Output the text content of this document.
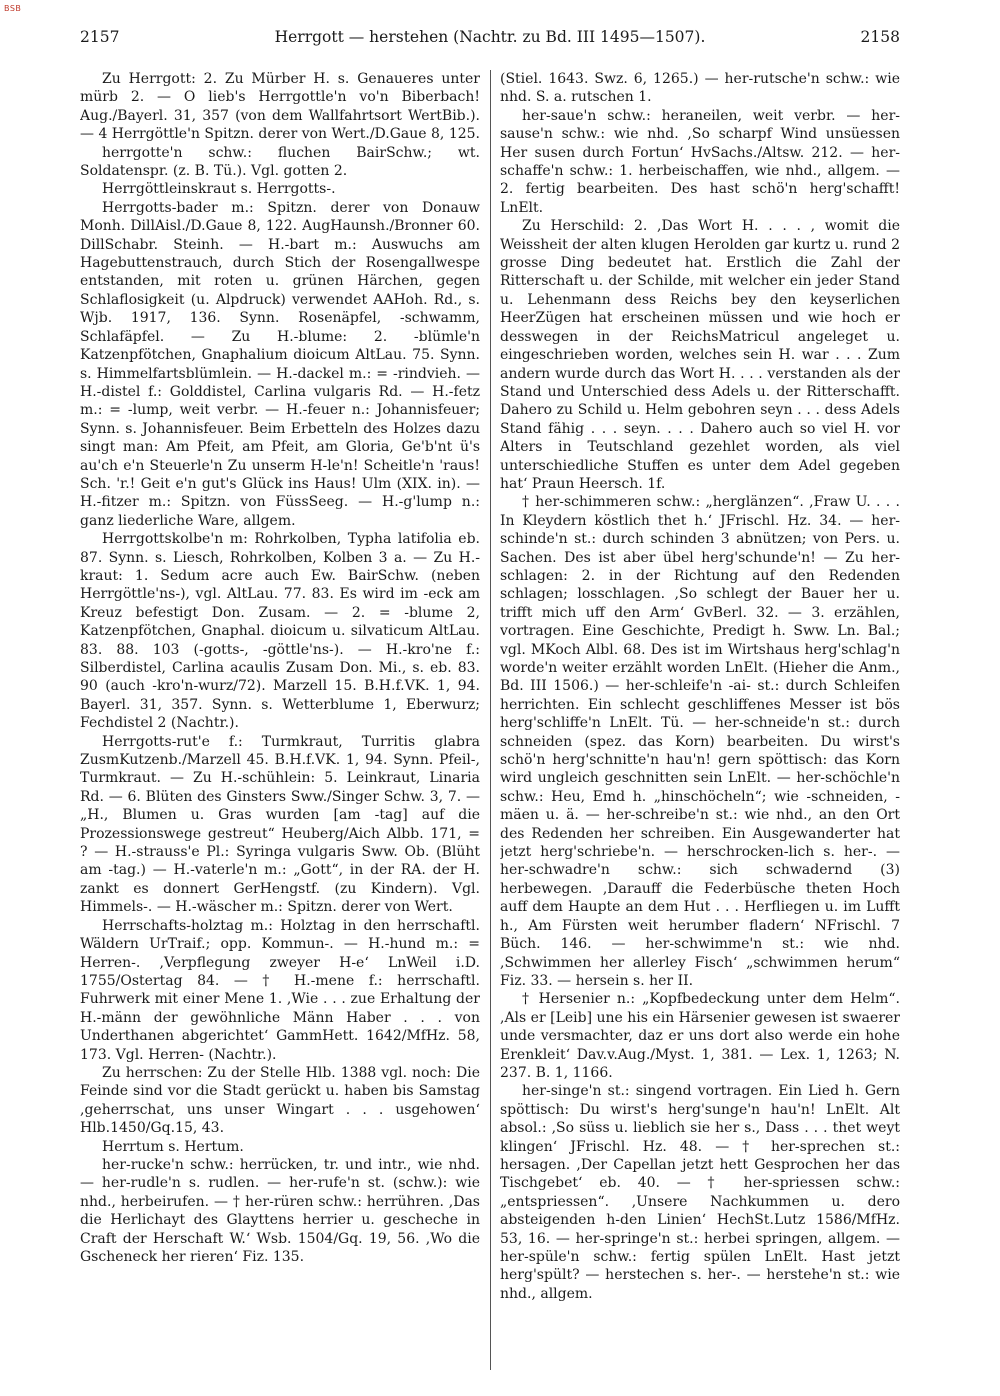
BSB
2157	Herrgott — herstehen (Nachtr. zu Bd. III 1495—1507).	2158

Zu Herrgott: 2. Zu Mürber H. s. Genaueres unter mürb 2. — O lieb's Herrgottle'n vo'n Biberbach! Aug./Bayerl. 31, 357 (von dem Wallfahrtsort WertBib.). — 4 Herrgöttle'n Spitzn. derer von Wert./D.Gaue 8, 125.

herrgotte'n schw.: fluchen BairSchw.; wt. Soldatenspr. (z. B. Tü.). Vgl. gotten 2.

Herrgöttleinskraut s. Herrgotts-.

Herrgotts-bader m.: Spitzn. derer von Donauw Monh. DillAisl./D.Gaue 8, 122. AugHaunsh./Bronner 60. DillSchabr. Steinh. — H.-bart m.: Auswuchs am Hagebuttenstrauch, durch Stich der Rosengallwespe entstanden, mit roten u. grünen Härchen, gegen Schlaflosigkeit (u. Alpdruck) verwendet AAHoh. Rd., s. Wjb. 1917, 136. Synn. Rosenäpfel, -schwamm, Schlafäpfel. — Zu H.-blume: 2. -blümle'n Katzenpfötchen, Gnaphalium dioicum AltLau. 75. Synn. s. Himmelfartsblümlein. — H.-dackel m.: = -rindvieh. — H.-distel f.: Golddistel, Carlina vulgaris Rd. — H.-fetz m.: = -lump, weit verbr. — H.-feuer n.: Johannisfeuer; Synn. s. Johannisfeuer. Beim Erbetteln des Holzes dazu singt man: Am Pfeit, am Pfeit, am Gloria, Ge'b'nt ü's au'ch e'n Steuerle'n Zu unserm H-le'n! Scheitle'n 'raus! Sch. 'r.! Geit e'n gut's Glück ins Haus! Ulm (XIX. in). — H.-fitzer m.: Spitzn. von FüssSeeg. — H.-g'lump n.: ganz liederliche Ware, allgem.

Herrgottskolbe'n m: Rohrkolben, Typha latifolia eb. 87. Synn. s. Liesch, Rohrkolben, Kolben 3 a. — Zu H.-kraut: 1. Sedum acre auch Ew. BairSchw. (neben Herrgöttle'ns-), vgl. AltLau. 77. 83. Es wird im -eck am Kreuz befestigt Don. Zusam. — 2. = -blume 2, Katzenpfötchen, Gnaphal. dioicum u. silvaticum AltLau. 83. 88. 103 (-gotts-, -göttle'ns-). — H.-kro'ne f.: Silberdistel, Carlina acaulis Zusam Don. Mi., s. eb. 83. 90 (auch -kro'n-wurz/72). Marzell 15. B.H.f.VK. 1, 94. Bayerl. 31, 357. Synn. s. Wetterblume 1, Eberwurz; Fechdistel 2 (Nachtr.).

Herrgotts-rut'e f.: Turmkraut, Turritis glabra ZusmKutzenb./Marzell 45. B.H.f.VK. 1, 94. Synn. Pfeil-, Turmkraut. — Zu H.-schühlein: 5. Leinkraut, Linaria Rd. — 6. Blüten des Ginsters Sww./Singer Schw. 3, 7. — „H., Blumen u. Gras wurden [am -tag] auf die Prozessionswege gestreut“ Heuberg/Aich Albb. 171, = ? — H.-strauss'e Pl.: Syringa vulgaris Sww. Ob. (Blüht am -tag.) — H.-vaterle'n m.: „Gott“, in der RA. der H. zankt es donnert GerHengstf. (zu Kindern). Vgl. Himmels-. — H.-wäscher m.: Spitzn. derer von Wert.

Herrschafts-holztag m.: Holztag in den herrschaftl. Wäldern UrTraif.; opp. Kommun-. — H.-hund m.: = Herren-. ,Verpflegung zweyer H-e‘ LnWeil i.D. 1755/Ostertag 84. — † H.-mene f.: herrschaftl. Fuhrwerk mit einer Mene 1. ,Wie . . . zue Erhaltung der H.-männ der gewöhnliche Männ Haber . . . von Underthanen abgerichtet‘ GammHett. 1642/MfHz. 58, 173. Vgl. Herren- (Nachtr.).

Zu herrschen: Zu der Stelle Hlb. 1388 vgl. noch: Die Feinde sind vor die Stadt gerückt u. haben bis Samstag ,geherrschat, uns unser Wingart . . . usgehowen‘ Hlb.1450/Gq.15, 43.

Herrtum s. Hertum.

her-rucke'n schw.: herrücken, tr. und intr., wie nhd. — her-rudle'n s. rudlen. — her-rufe'n st. (schw.): wie nhd., herbeirufen. — † her-rüren schw.: herrühren. ,Das die Herlichayt des Glayttens herrier u. gescheche in Craft der Herschaft W.‘ Wsb. 1504/Gq. 19, 56. ,Wo die Gscheneck her rieren‘ Fiz. 135.

(Stiel. 1643. Swz. 6, 1265.) — her-rutsche'n schw.: wie nhd. S. a. rutschen 1.

her-saue'n schw.: heraneilen, weit verbr. — her-sause'n schw.: wie nhd. ,So scharpf Wind unsüessen Her susen durch Fortun‘ HvSachs./Altsw. 212. — her-schaffe'n schw.: 1. herbeischaffen, wie nhd., allgem. — 2. fertig bearbeiten. Des hast schö'n herg'schafft! LnElt.

Zu Herschild: 2. ,Das Wort H. . . . , womit die Weissheit der alten klugen Herolden gar kurtz u. rund 2 grosse Ding bedeutet hat. Erstlich die Zahl der Ritterschaft u. der Schilde, mit welcher ein jeder Stand u. Lehenmann dess Reichs bey den keyserlichen HeerZügen hat erscheinen müssen und wie hoch er desswegen in der ReichsMatricul angeleget u. eingeschrieben worden, welches sein H. war . . . Zum andern wurde durch das Wort H. . . . verstanden als der Stand und Unterschied dess Adels u. der Ritterschafft. Dahero zu Schild u. Helm gebohren seyn . . . dess Adels Stand fähig . . . seyn. . . . Dahero auch so viel H. vor Alters in Teutschland gezehlet worden, als viel unterschiedliche Stuffen es unter dem Adel gegeben hat‘ Praun Heersch. 1f.

† her-schimmeren schw.: „herglänzen“. ,Fraw U. . . . In Kleydern köstlich thet h.‘ JFrischl. Hz. 34. — her-schinde'n st.: durch schinden 3 abnützen; von Pers. u. Sachen. Des ist aber übel herg'schunde'n! — Zu her-schlagen: 2. in der Richtung auf den Redenden schlagen; losschlagen. ,So schlegt der Bauer her u. trifft mich uff den Arm‘ GvBerl. 32. — 3. erzählen, vortragen. Eine Geschichte, Predigt h. Sww. Ln. Bal.; vgl. MKoch Albl. 68. Des ist im Wirtshaus herg'schlag'n worde'n weiter erzählt worden LnElt. (Hieher die Anm., Bd. III 1506.) — her-schleife'n -ai- st.: durch Schleifen herrichten. Ein schlecht geschliffenes Messer ist bös herg'schliffe'n LnElt. Tü. — her-schneide'n st.: durch schneiden (spez. das Korn) bearbeiten. Du wirst's schö'n herg'schnitte'n hau'n! gern spöttisch: das Korn wird ungleich geschnitten sein LnElt. — her-schöchle'n schw.: Heu, Emd h. „hinschöcheln“; wie -schneiden, -mäen u. ä. — her-schreibe'n st.: wie nhd., an den Ort des Redenden her schreiben. Ein Ausgewanderter hat jetzt herg'schriebe'n. — herschrocken-lich s. her-. — her-schwadre'n schw.: sich schwadernd (3) herbewegen. ,Darauff die Federbüsche theten Hoch auff dem Haupte an dem Hut . . . Herfliegen u. im Lufft h., Am Fürsten weit herumber fladern‘ NFrischl. 7 Büch. 146. — her-schwimme'n st.: wie nhd. ,Schwimmen her allerley Fisch‘ „schwimmen herum“ Fiz. 33. — hersein s. her II.

† Hersenier n.: „Kopfbedeckung unter dem Helm“. ,Als er [Leib] une his ein Härsenier gewesen ist swaerer unde versmachter, daz er uns dort also werde ein hohe Erenkleit‘ Dav.v.Aug./Myst. 1, 381. — Lex. 1, 1263; N. 237. B. 1, 1166.

her-singe'n st.: singend vortragen. Ein Lied h. Gern spöttisch: Du wirst's herg'sunge'n hau'n! LnElt. Alt absol.: ,So süss u. lieblich sie her s., Dass . . . thet weyt klingen‘ JFrischl. Hz. 48. — † her-sprechen st.: hersagen. ,Der Capellan jetzt hett Gesprochen her das Tischgebet‘ eb. 40. — † her-spriessen schw.: „entspriessen“. ,Unsere Nachkummen u. dero absteigenden h-den Linien‘ HechSt.Lutz 1586/MfHz. 53, 16. — her-springe'n st.: herbei springen, allgem. — her-spüle'n schw.: fertig spülen LnElt. Hast jetzt herg'spült? — herstechen s. her-. — herstehe'n st.: wie nhd., allgem.
